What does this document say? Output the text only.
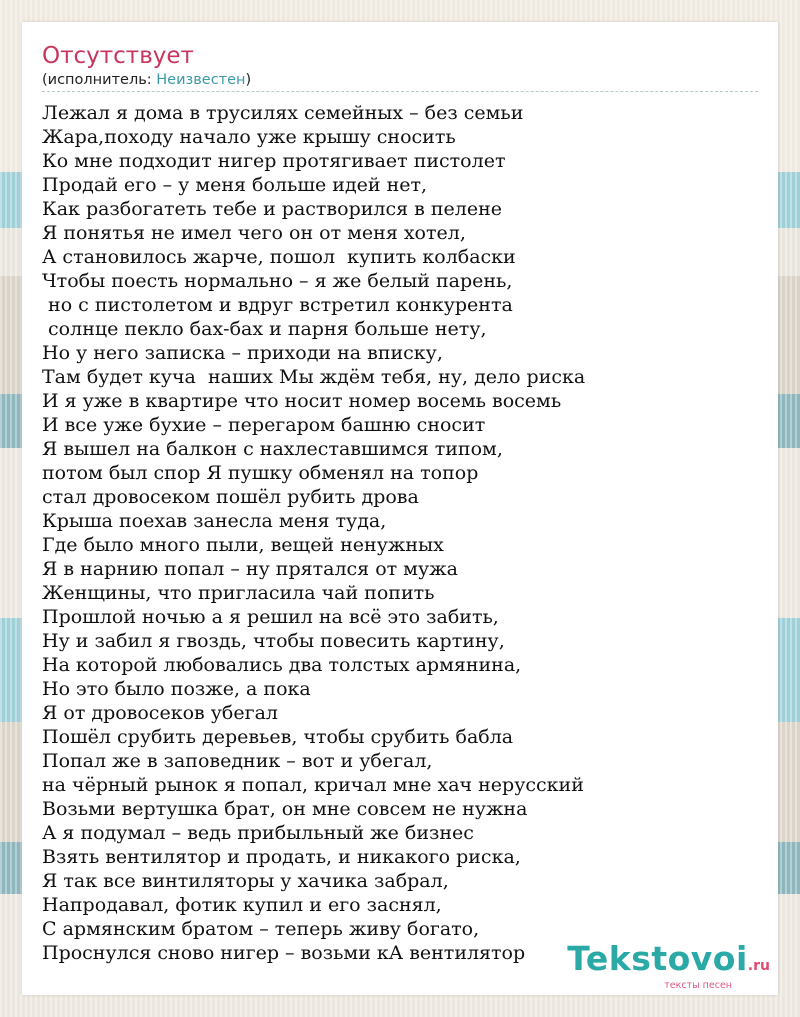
Отсутствует
(исполнитель: Неизвестен)
Лежал я дома в трусилях семейных – без семьи
Жара,походу начало уже крышу сносить
Ко мне подходит нигер протягивает пистолет
Продай его – у меня больше идей нет,
Как разбогатеть тебе и растворился в пелене
Я понятья не имел чего он от меня хотел,
А становилось жарче, пошол  купить колбаски
Чтобы поесть нормально – я же белый парень,
но с пистолетом и вдруг встретил конкурента
солнце пекло бах-бах и парня больше нету,
Но у него записка – приходи на вписку,
Там будет куча  наших Мы ждём тебя, ну, дело риска
И я уже в квартире что носит номер восемь восемь
И все уже бухие – перегаром башню сносит
Я вышел на балкон с нахлеставшимся типом,
потом был спор Я пушку обменял на топор
стал дровосеком пошёл рубить дрова
Крыша поехав занесла меня туда,
Где было много пыли, вещей ненужных
Я в нарнию попал – ну прятался от мужа
Женщины, что пригласила чай попить
Прошлой ночью а я решил на всё это забить,
Ну и забил я гвоздь, чтобы повесить картину,
На которой любовались два толстых армянина,
Но это было позже, а пока
Я от дровосеков убегал
Пошёл срубить деревьев, чтобы срубить бабла
Попал же в заповедник – вот и убегал,
на чёрный рынок я попал, кричал мне хач нерусский
Возьми вертушка брат, он мне совсем не нужна
А я подумал – ведь прибыльный же бизнес
Взять вентилятор и продать, и никакого риска,
Я так все винтиляторы у хачика забрал,
Напродавал, фотик купил и его заснял,
С армянским братом – теперь живу богато,
Проснулся сново нигер – возьми кА вентилятор	Tekstovoi.ru
тексты песен
